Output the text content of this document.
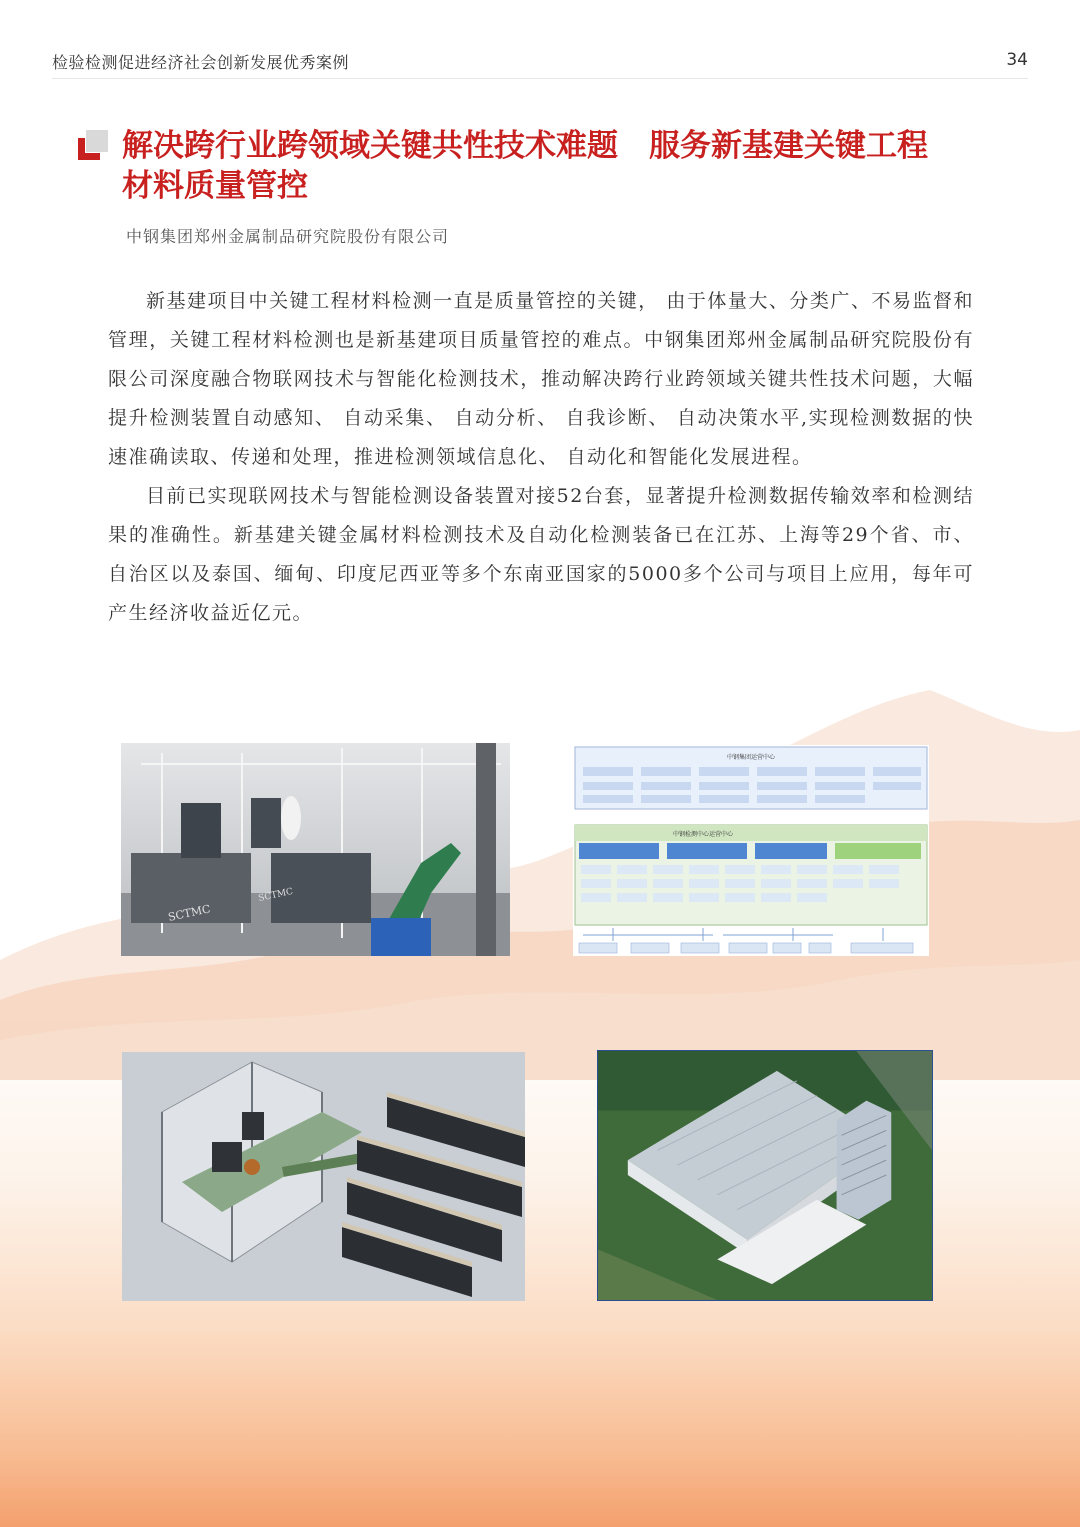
检验检测促进经济社会创新发展优秀案例	34
解决跨行业跨领域关键共性技术难题　服务新基建关键工程
材料质量管控
中钢集团郑州金属制品研究院股份有限公司

新基建项目中关键工程材料检测一直是质量管控的关键， 由于体量大、分类广、不易监督和管理，关键工程材料检测也是新基建项目质量管控的难点。中钢集团郑州金属制品研究院股份有限公司深度融合物联网技术与智能化检测技术，推动解决跨行业跨领域关键共性技术问题，大幅提升检测装置自动感知、 自动采集、 自动分析、 自我诊断、 自动决策水平,实现检测数据的快速准确读取、传递和处理，推进检测领域信息化、 自动化和智能化发展进程。

目前已实现联网技术与智能检测设备装置对接52台套，显著提升检测数据传输效率和检测结果的准确性。新基建关键金属材料检测技术及自动化检测装备已在江苏、上海等29个省、市、 自治区以及泰国、缅甸、印度尼西亚等多个东南亚国家的5000多个公司与项目上应用，每年可产生经济收益近亿元。

SCTMC
SCTMC
中钢集团运营中心
中钢检测中心运营中心
